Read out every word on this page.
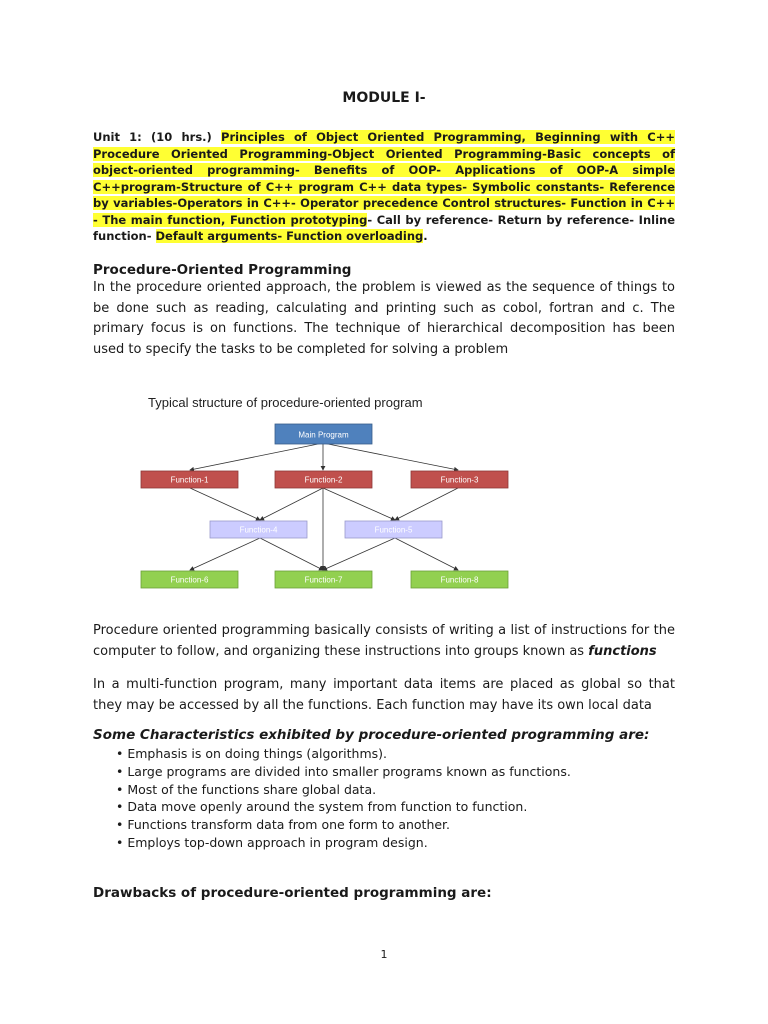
MODULE I-
Unit 1: (10 hrs.) Principles of Object Oriented Programming, Beginning with C++ Procedure Oriented Programming-Object Oriented Programming-Basic concepts of object-oriented programming- Benefits of OOP- Applications of OOP-A simple C++program-Structure of C++ program C++ data types- Symbolic constants- Reference by variables-Operators in C++- Operator precedence Control structures- Function in C++ - The main function, Function prototyping- Call by reference- Return by reference- Inline function- Default arguments- Function overloading.
Procedure-Oriented Programming
In the procedure oriented approach, the problem is viewed as the sequence of things to be done such as reading, calculating and printing such as cobol, fortran and c. The primary focus is on functions. The technique of hierarchical decomposition has been used to specify the tasks to be completed for solving a problem
Typical structure of procedure-oriented program
Main Program
Function-1	Function-2	Function-3
Function-4	Function-5
Function-6	Function-7	Function-8
Procedure oriented programming basically consists of writing a list of instructions for the computer to follow, and organizing these instructions into groups known as functions
In a multi-function program, many important data items are placed as global so that they may be accessed by all the functions. Each function may have its own local data
Some Characteristics exhibited by procedure-oriented programming are:
• Emphasis is on doing things (algorithms).
• Large programs are divided into smaller programs known as functions.
• Most of the functions share global data.
• Data move openly around the system from function to function.
• Functions transform data from one form to another.
• Employs top-down approach in program design.
Drawbacks of procedure-oriented programming are:
1
